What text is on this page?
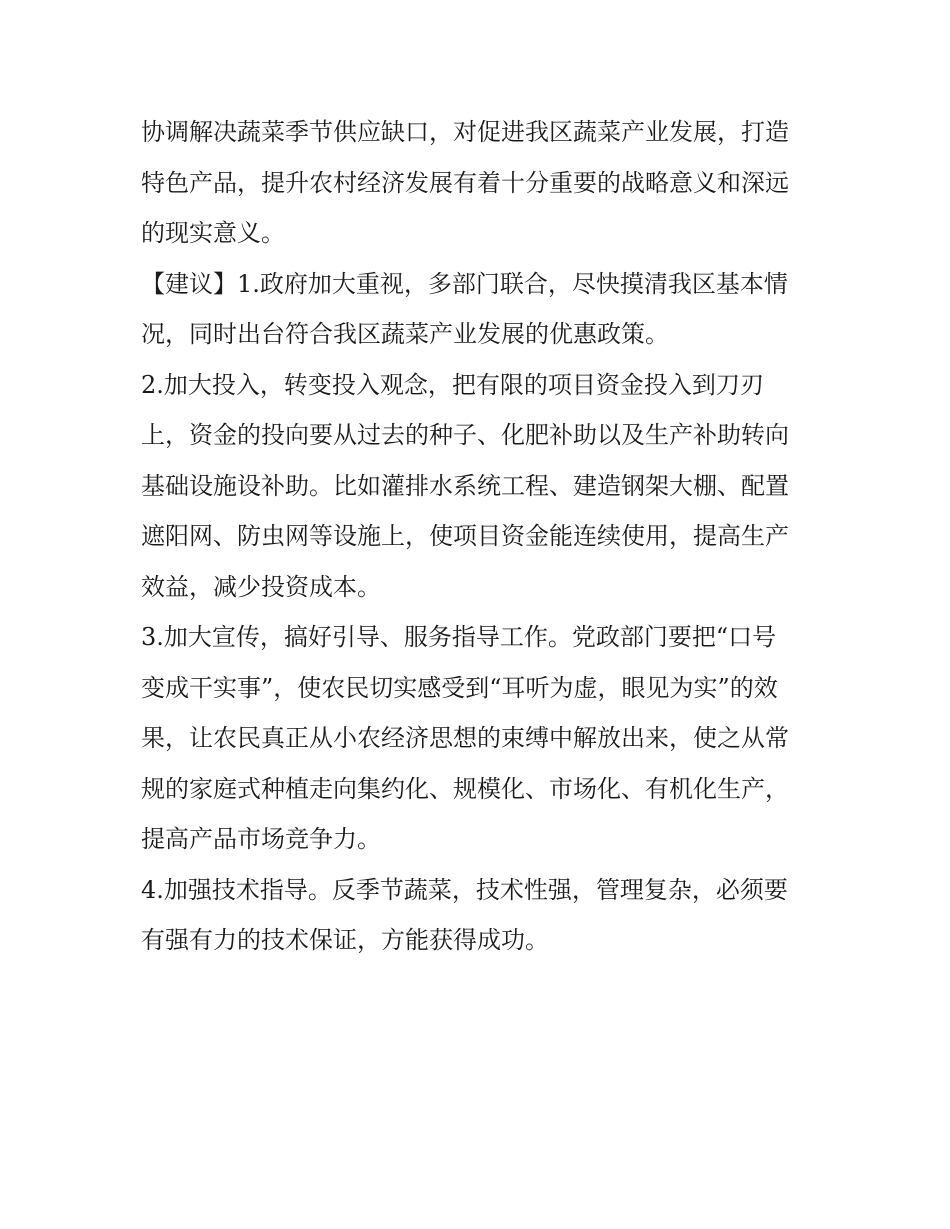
协调解决蔬菜季节供应缺口，对促进我区蔬菜产业发展，打造
特色产品，提升农村经济发展有着十分重要的战略意义和深远
的现实意义。
【建议】1.政府加大重视，多部门联合，尽快摸清我区基本情
况，同时出台符合我区蔬菜产业发展的优惠政策。
2.加大投入，转变投入观念，把有限的项目资金投入到刀刃
上，资金的投向要从过去的种子、化肥补助以及生产补助转向
基础设施设补助。比如灌排水系统工程、建造钢架大棚、配置
遮阳网、防虫网等设施上，使项目资金能连续使用，提高生产
效益，减少投资成本。
3.加大宣传，搞好引导、服务指导工作。党政部门要把“口号
变成干实事”，使农民切实感受到“耳听为虚，眼见为实”的效
果，让农民真正从小农经济思想的束缚中解放出来，使之从常
规的家庭式种植走向集约化、规模化、市场化、有机化生产，
提高产品市场竞争力。
4.加强技术指导。反季节蔬菜，技术性强，管理复杂，必须要
有强有力的技术保证，方能获得成功。
